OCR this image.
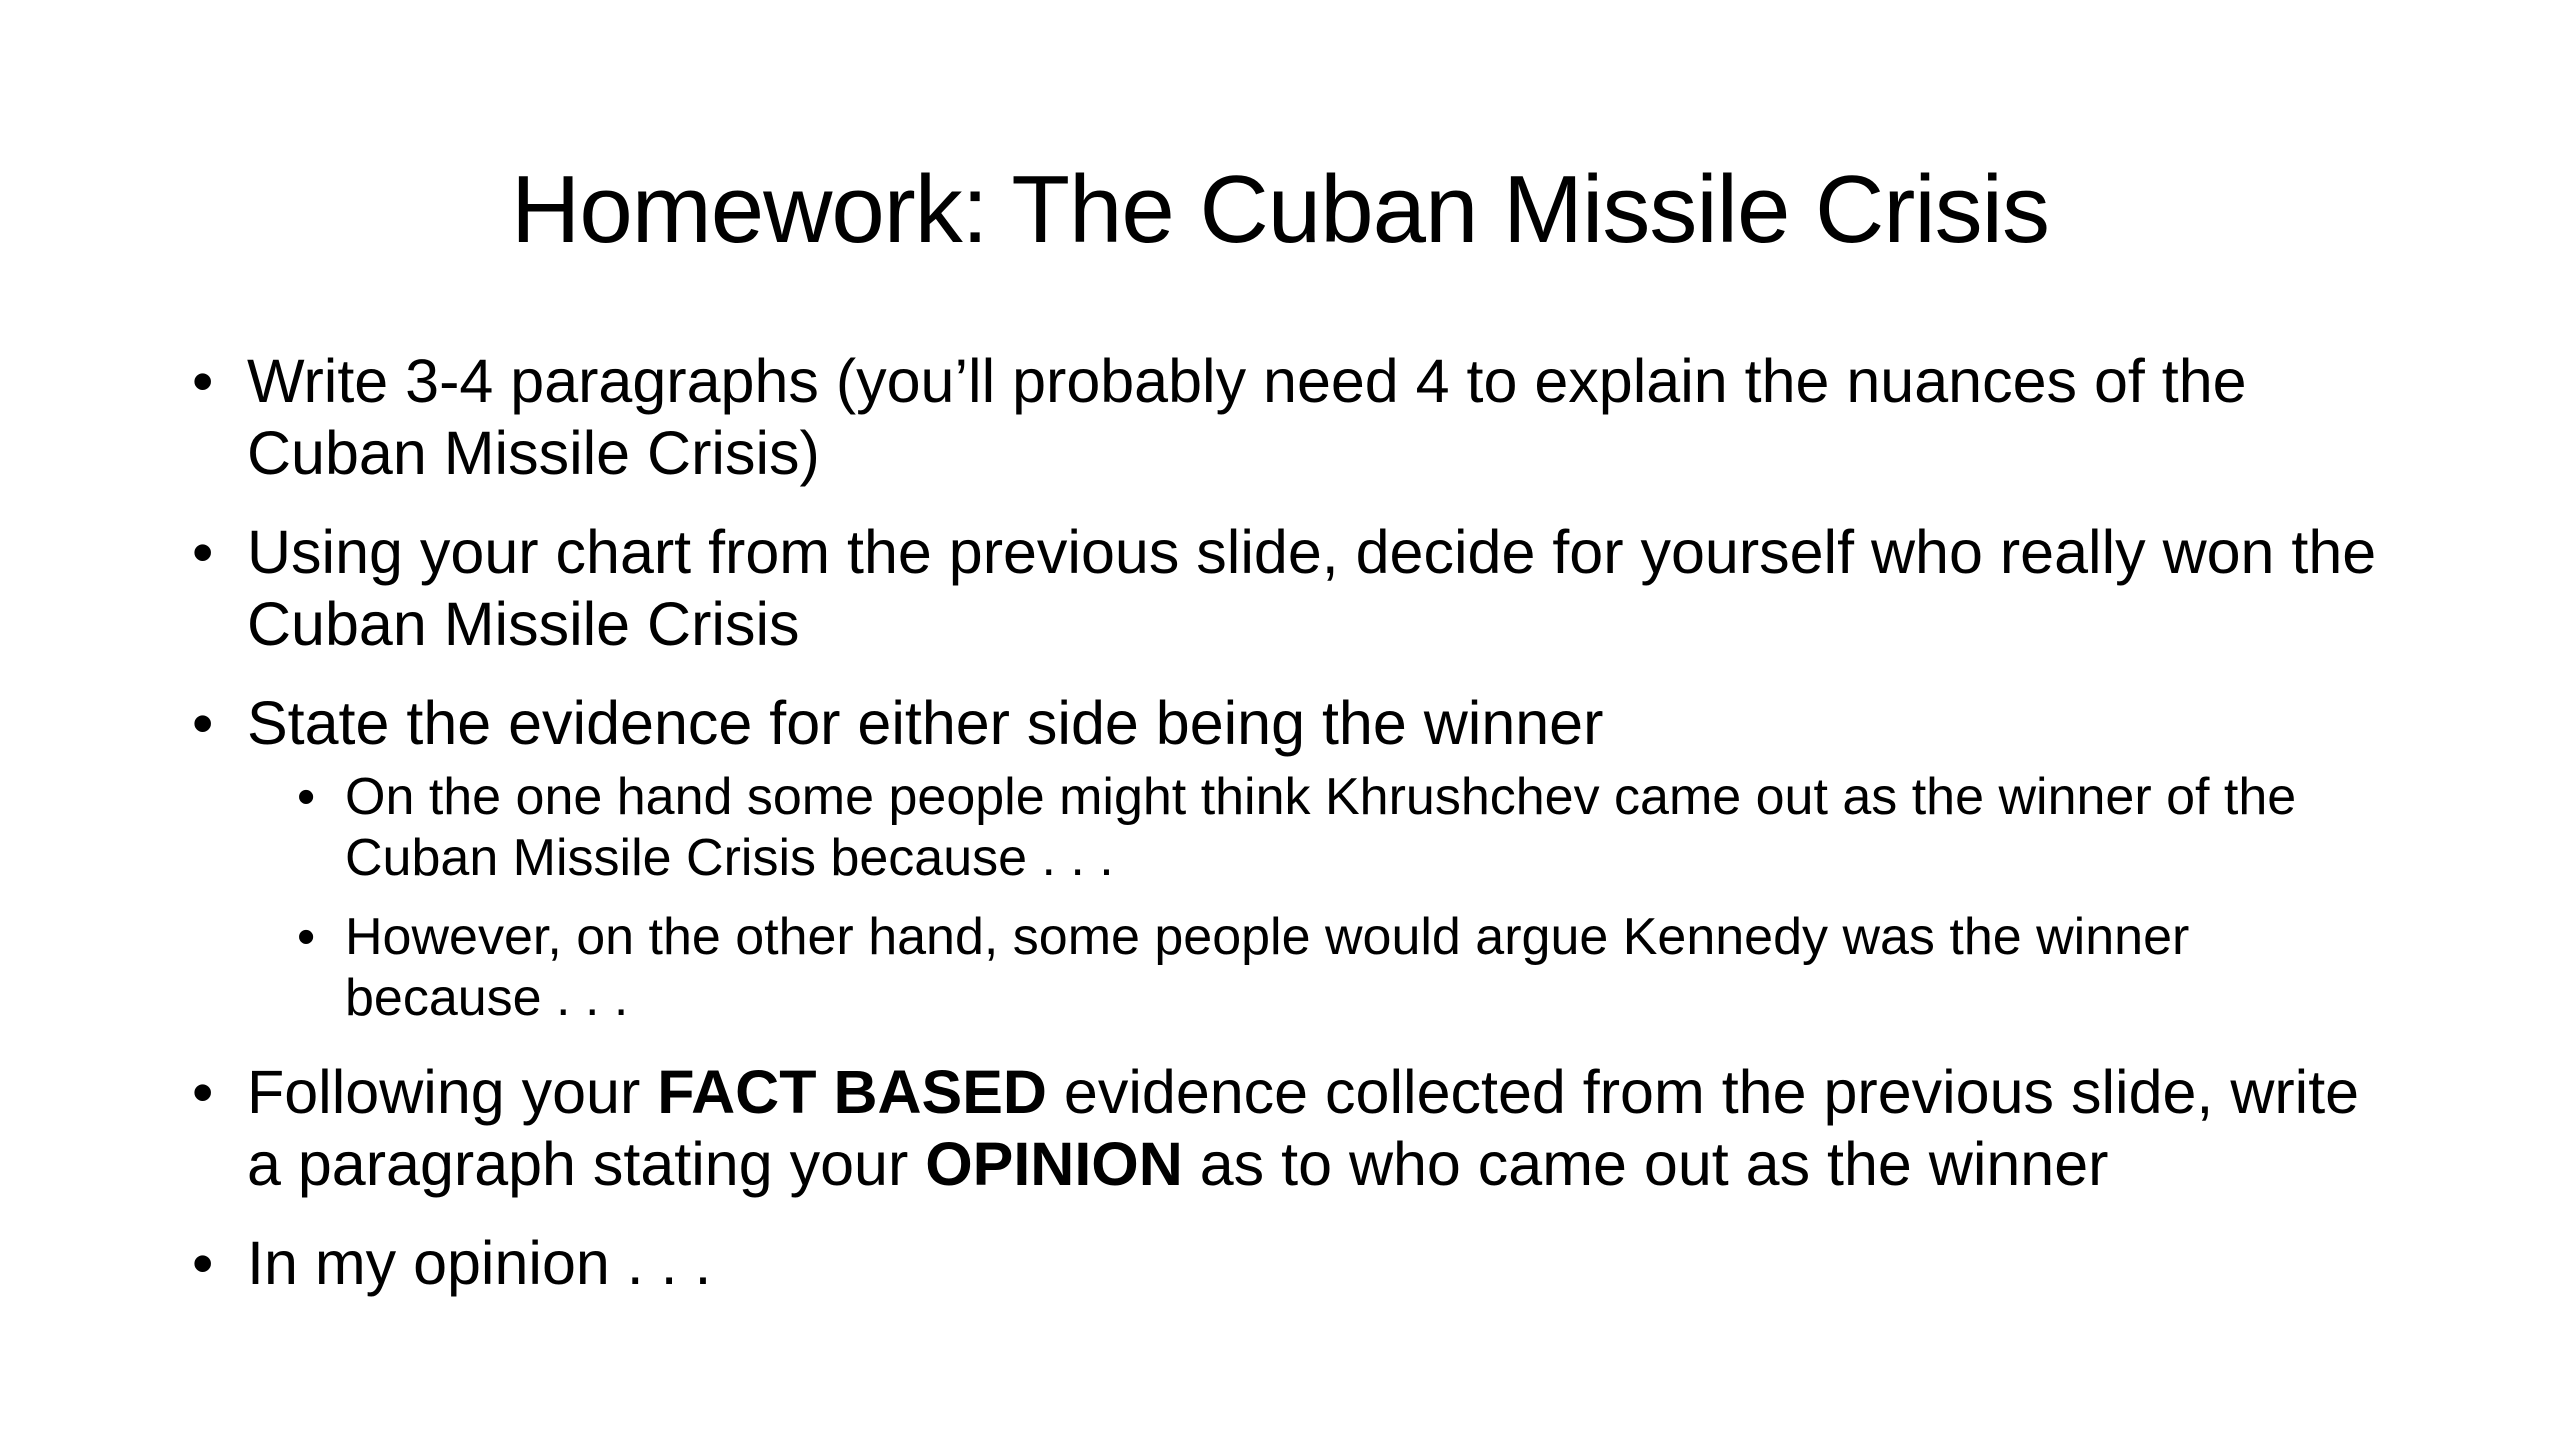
Homework: The Cuban Missile Crisis
• Write 3-4 paragraphs (you’ll probably need 4 to explain the nuances of the Cuban Missile Crisis)
• Using your chart from the previous slide, decide for yourself who really won the Cuban Missile Crisis
• State the evidence for either side being the winner
• On the one hand some people might think Khrushchev came out as the winner of the Cuban Missile Crisis because . . .
• However, on the other hand, some people would argue Kennedy was the winner because . . .
• Following your FACT BASED evidence collected from the previous slide, write a paragraph stating your OPINION as to who came out as the winner
• In my opinion . . .
